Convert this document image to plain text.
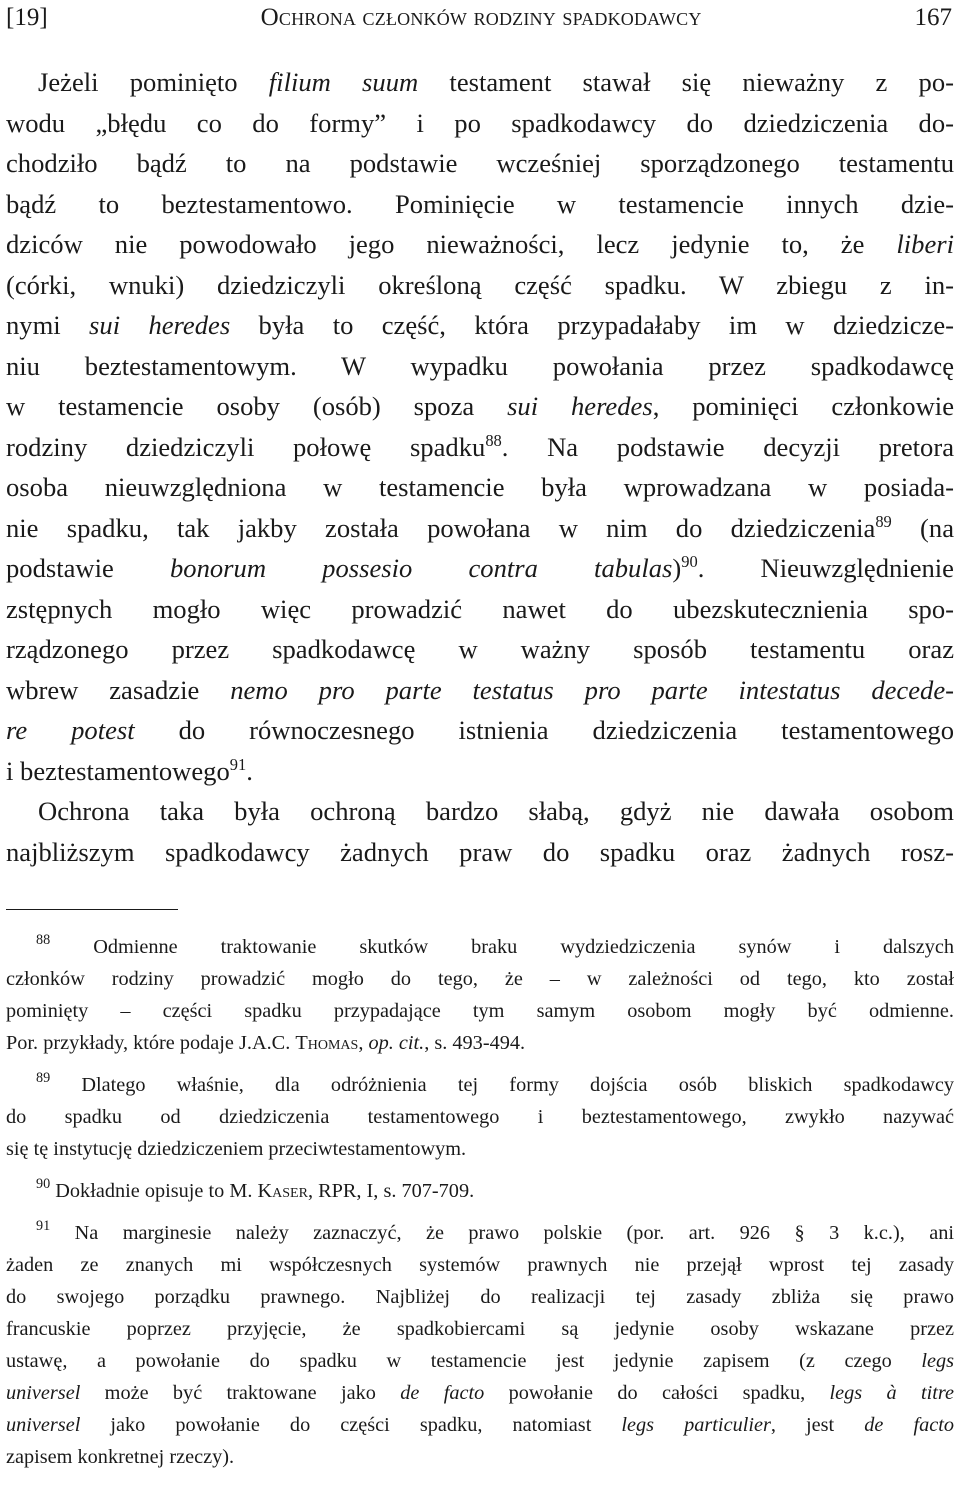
[19]	Ochrona członków rodziny spadkodawcy	167
Jeżeli pominięto filium suum testament stawał się nieważny z po-
wodu „błędu co do formy” i po spadkodawcy do dziedziczenia do-
chodziło bądź to na podstawie wcześniej sporządzonego testamentu
bądź to beztestamentowo. Pominięcie w testamencie innych dzie-
dziców nie powodowało jego nieważności, lecz jedynie to, że liberi
(córki, wnuki) dziedziczyli określoną część spadku. W zbiegu z in-
nymi sui heredes była to część, która przypadałaby im w dziedzicze-
niu beztestamentowym. W wypadku powołania przez spadkodawcę
w testamencie osoby (osób) spoza sui heredes, pominięci członkowie
rodziny dziedziczyli połowę spadku$^{88}$. Na podstawie decyzji pretora
osoba nieuwzględniona w testamencie była wprowadzana w posiada-
nie spadku, tak jakby została powołana w nim do dziedziczenia$^{89}$ (na
podstawie bonorum possesio contra tabulas)$^{90}$. Nieuwzględnienie
zstępnych mogło więc prowadzić nawet do ubezskutecznienia spo-
rządzonego przez spadkodawcę w ważny sposób testamentu oraz
wbrew zasadzie nemo pro parte testatus pro parte intestatus decede-
re potest do równoczesnego istnienia dziedziczenia testamentowego
i beztestamentowego$^{91}$.
Ochrona taka była ochroną bardzo słabą, gdyż nie dawała osobom
najbliższym spadkodawcy żadnych praw do spadku oraz żadnych rosz-
$^{88}$ Odmienne traktowanie skutków braku wydziedziczenia synów i dalszych
członków rodziny prowadzić mogło do tego, że – w zależności od tego, kto został
pominięty – części spadku przypadające tym samym osobom mogły być odmienne.
Por. przykłady, które podaje J.A.C. Thomas, op. cit., s. 493-494.
$^{89}$ Dlatego właśnie, dla odróżnienia tej formy dojścia osób bliskich spadkodawcy
do spadku od dziedziczenia testamentowego i beztestamentowego, zwykło nazywać
się tę instytucję dziedziczeniem przeciwtestamentowym.
$^{90}$ Dokładnie opisuje to M. Kaser, RPR, I, s. 707-709.
$^{91}$ Na marginesie należy zaznaczyć, że prawo polskie (por. art. 926 § 3 k.c.), ani
żaden ze znanych mi współczesnych systemów prawnych nie przejął wprost tej zasady
do swojego porządku prawnego. Najbliżej do realizacji tej zasady zbliża się prawo
francuskie poprzez przyjęcie, że spadkobiercami są jedynie osoby wskazane przez
ustawę, a powołanie do spadku w testamencie jest jedynie zapisem (z czego legs
universel może być traktowane jako de facto powołanie do całości spadku, legs à titre
universel jako powołanie do części spadku, natomiast legs particulier, jest de facto
zapisem konkretnej rzeczy).
